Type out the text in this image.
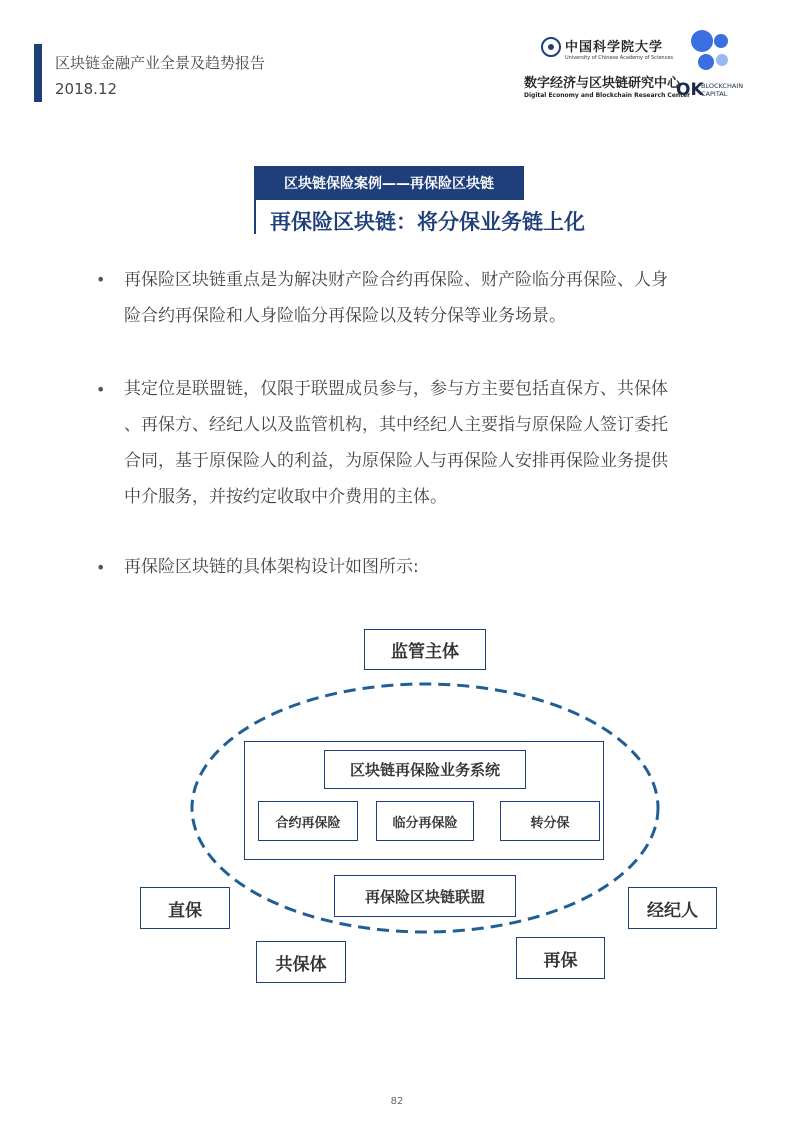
区块链金融产业全景及趋势报告
2018.12
中国科学院大学
University of Chinese Academy of Sciences
数字经济与区块链研究中心
Digital Economy and Blockchain Research Center
OK
BLOCKCHAIN
CAPITAL
区块链保险案例——再保险区块链
再保险区块链：将分保业务链上化
• 再保险区块链重点是为解决财产险合约再保险、财产险临分再保险、人身
险合约再保险和人身险临分再保险以及转分保等业务场景。
• 其定位是联盟链，仅限于联盟成员参与，参与方主要包括直保方、共保体
、再保方、经纪人以及监管机构，其中经纪人主要指与原保险人签订委托
合同，基于原保险人的利益，为原保险人与再保险人安排再保险业务提供
中介服务，并按约定收取中介费用的主体。
• 再保险区块链的具体架构设计如图所示:
监管主体
区块链再保险业务系统
合约再保险	临分再保险	转分保
再保险区块链联盟
直保
共保体	再保
经纪人
82
